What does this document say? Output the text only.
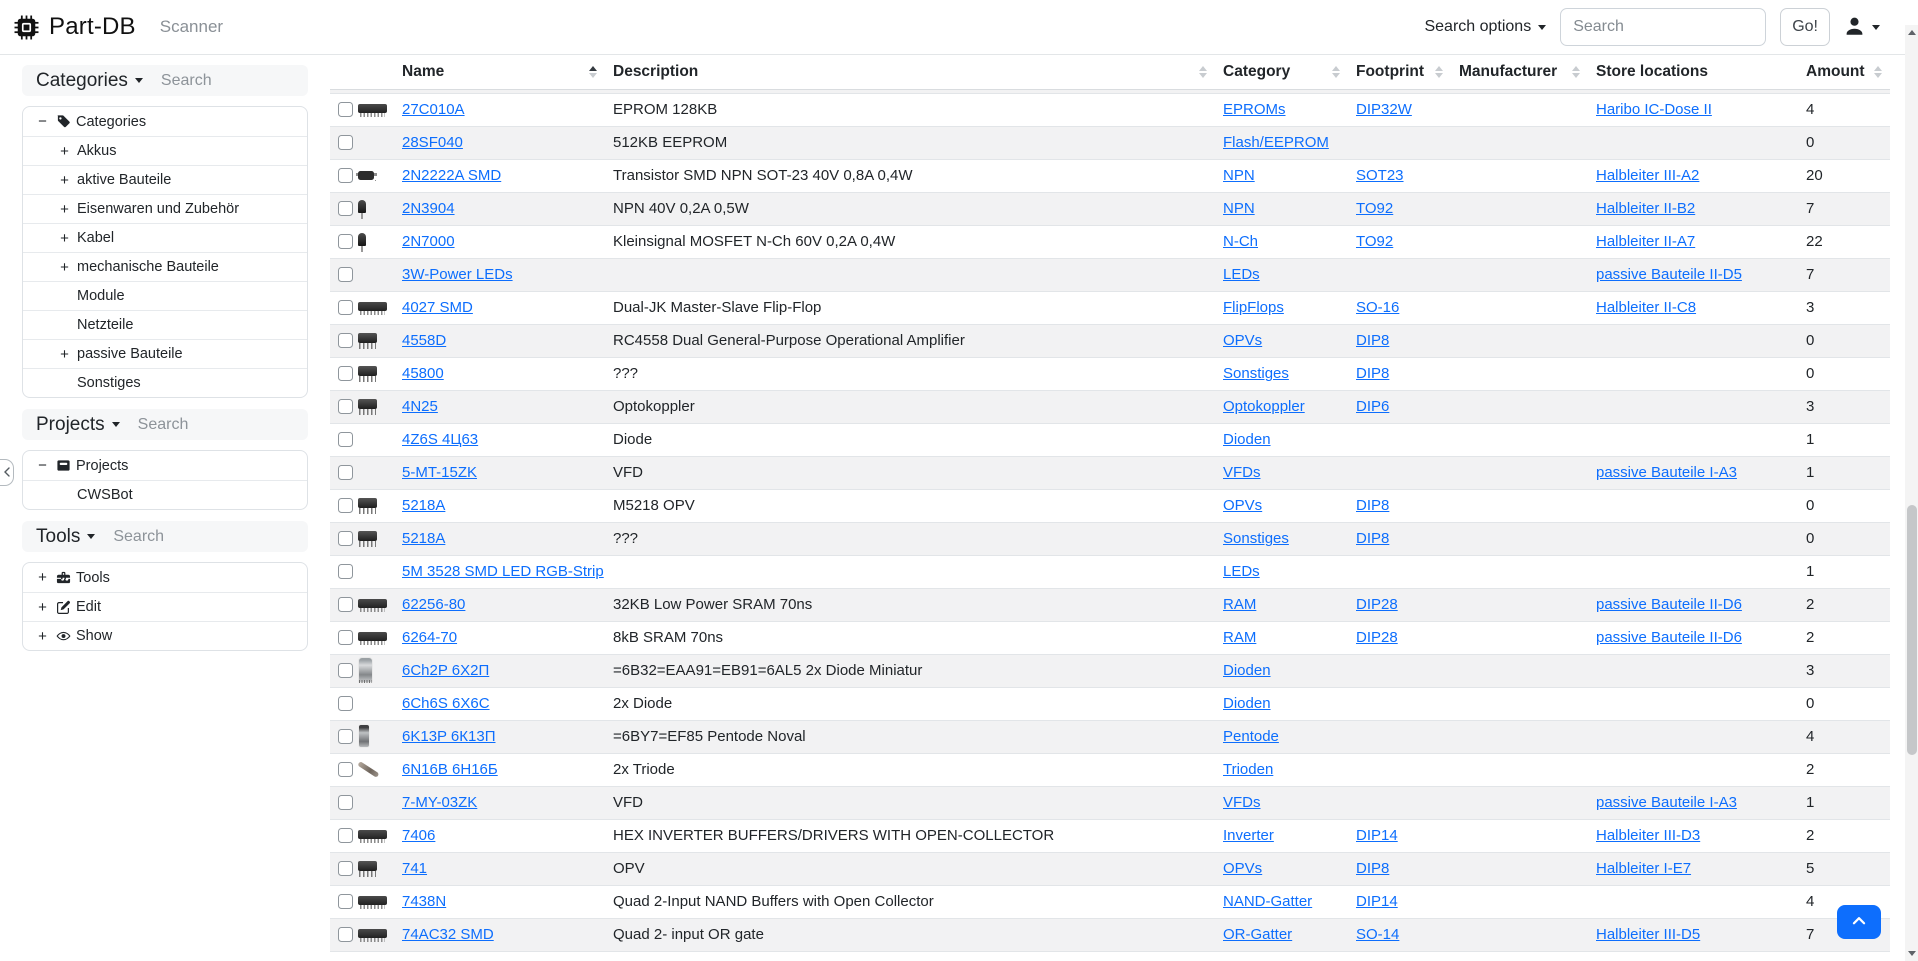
Part-DB Scanner	Search options
Search	Go!
Categories
Search
− Categories
+ Akkus
+ aktive Bauteile
+ Eisenwaren und Zubehör
+ Kabel
+ mechanische Bauteile
Module
Netzteile
+ passive Bauteile
Sonstiges
Projects
Search
− Projects
CWSBot
Tools
Search
+ Tools
+ Edit
+ Show

		Name	Description	Category	Footprint	Manufacturer	Store locations	Amount

		27C010A	EPROM 128KB	EPROMs	DIP32W		Haribo IC-Dose II	4

		28SF040	512KB EEPROM	Flash/EEPROM				0

		2N2222A SMD	Transistor SMD NPN SOT-23 40V 0,8A 0,4W	NPN	SOT23		Halbleiter III-A2	20

		2N3904	NPN 40V 0,2A 0,5W	NPN	TO92		Halbleiter II-B2	7

		2N7000	Kleinsignal MOSFET N-Ch 60V 0,2A 0,4W	N-Ch	TO92		Halbleiter II-A7	22

		3W-Power LEDs		LEDs			passive Bauteile II-D5	7

		4027 SMD	Dual-JK Master-Slave Flip-Flop	FlipFlops	SO-16		Halbleiter II-C8	3

		4558D	RC4558 Dual General-Purpose Operational Amplifier	OPVs	DIP8			0

		45800	???	Sonstiges	DIP8			0

		4N25	Optokoppler	Optokoppler	DIP6			3

		4Z6S 4Ц63	Diode	Dioden				1

		5-MT-15ZK	VFD	VFDs			passive Bauteile I-A3	1

		5218A	M5218 OPV	OPVs	DIP8			0

		5218A	???	Sonstiges	DIP8			0

		5M 3528 SMD LED RGB-Strip		LEDs				1

		62256-80	32KB Low Power SRAM 70ns	RAM	DIP28		passive Bauteile II-D6	2

		6264-70	8kB SRAM 70ns	RAM	DIP28		passive Bauteile II-D6	2

		6Ch2P 6Х2П	=6B32=EAA91=EB91=6AL5 2x Diode Miniatur	Dioden				3

		6Ch6S 6X6C	2x Diode	Dioden				0

		6K13P 6К13П	=6BY7=EF85 Pentode Noval	Pentode				4

		6N16B 6Н16Б	2x Triode	Trioden				2

		7-MY-03ZK	VFD	VFDs			passive Bauteile I-A3	1

		7406	HEX INVERTER BUFFERS/DRIVERS WITH OPEN-COLLECTOR	Inverter	DIP14		Halbleiter III-D3	2

		741	OPV	OPVs	DIP8		Halbleiter I-E7	5

		7438N	Quad 2-Input NAND Buffers with Open Collector	NAND-Gatter	DIP14			4

		74AC32 SMD	Quad 2- input OR gate	OR-Gatter	SO-14		Halbleiter III-D5	7
